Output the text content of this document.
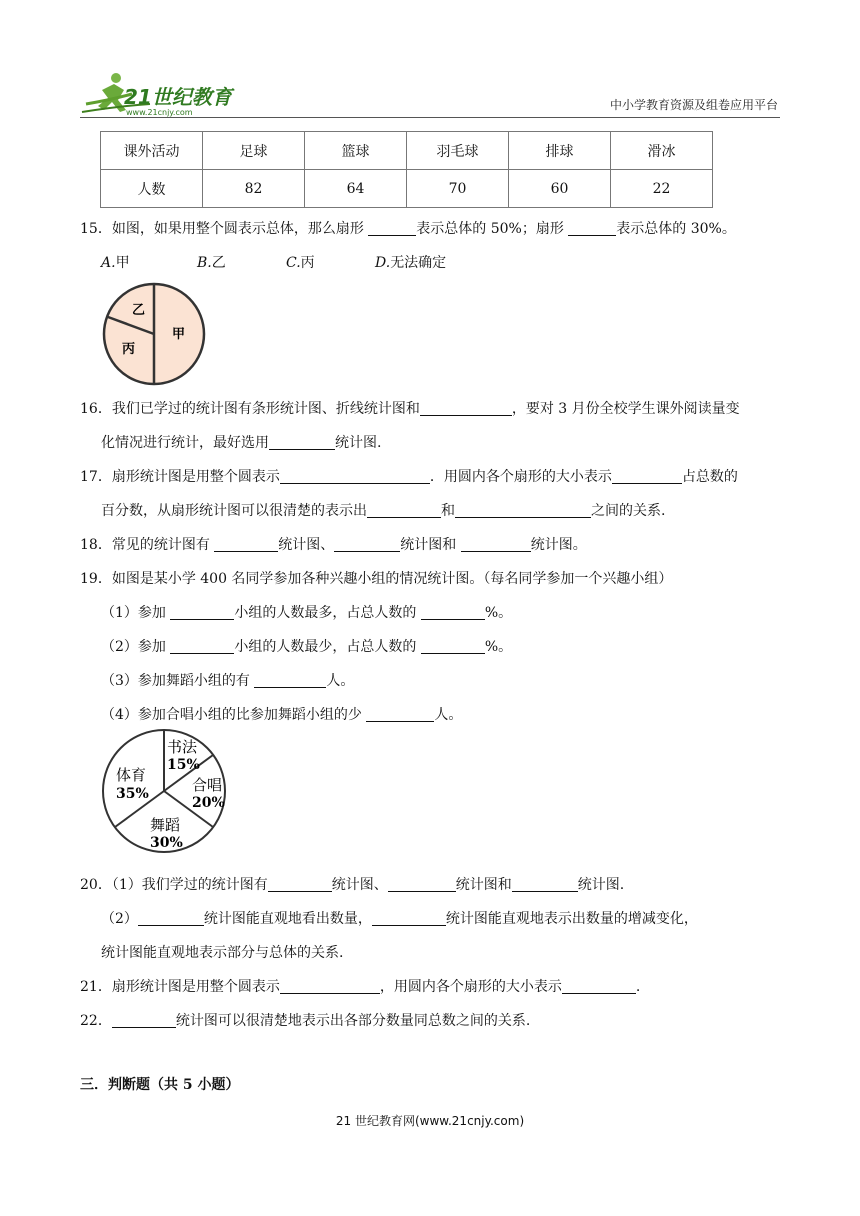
21世纪教育
www.21cnjy.com
中小学教育资源及组卷应用平台
课外活动	足球	篮球	羽毛球	排球	滑冰
人数	82	64	70	60	22
15．如图，如果用整个圆表示总体，那么扇形	表示总体的 50%；扇形	表示总体的 30%。
A.甲	B.乙	C.丙	D.无法确定
乙
丙
甲
16．我们已学过的统计图有条形统计图、折线统计图和	，要对 3 月份全校学生课外阅读量变
化情况进行统计，最好选用	统计图.
17．扇形统计图是用整个圆表示	．用圆内各个扇形的大小表示	占总数的
百分数，从扇形统计图可以很清楚的表示出	和	之间的关系.
18．常见的统计图有	统计图、	统计图和	统计图。
19．如图是某小学 400 名同学参加各种兴趣小组的情况统计图。（每名同学参加一个兴趣小组）
（1）参加	小组的人数最多，占总人数的	%。
（2）参加	小组的人数最少，占总人数的	%。
（3）参加舞蹈小组的有	人。
（4）参加合唱小组的比参加舞蹈小组的少	人。
书法
15%
合唱
20%
舞蹈
30%
体育
35%
20．（1）我们学过的统计图有	统计图、	统计图和	统计图.
（2）	统计图能直观地看出数量，	统计图能直观地表示出数量的增减变化，
统计图能直观地表示部分与总体的关系.
21．扇形统计图是用整个圆表示	，用圆内各个扇形的大小表示	.
22．	统计图可以很清楚地表示出各部分数量同总数之间的关系.
三．判断题（共 5 小题）
21 世纪教育网(www.21cnjy.com)
